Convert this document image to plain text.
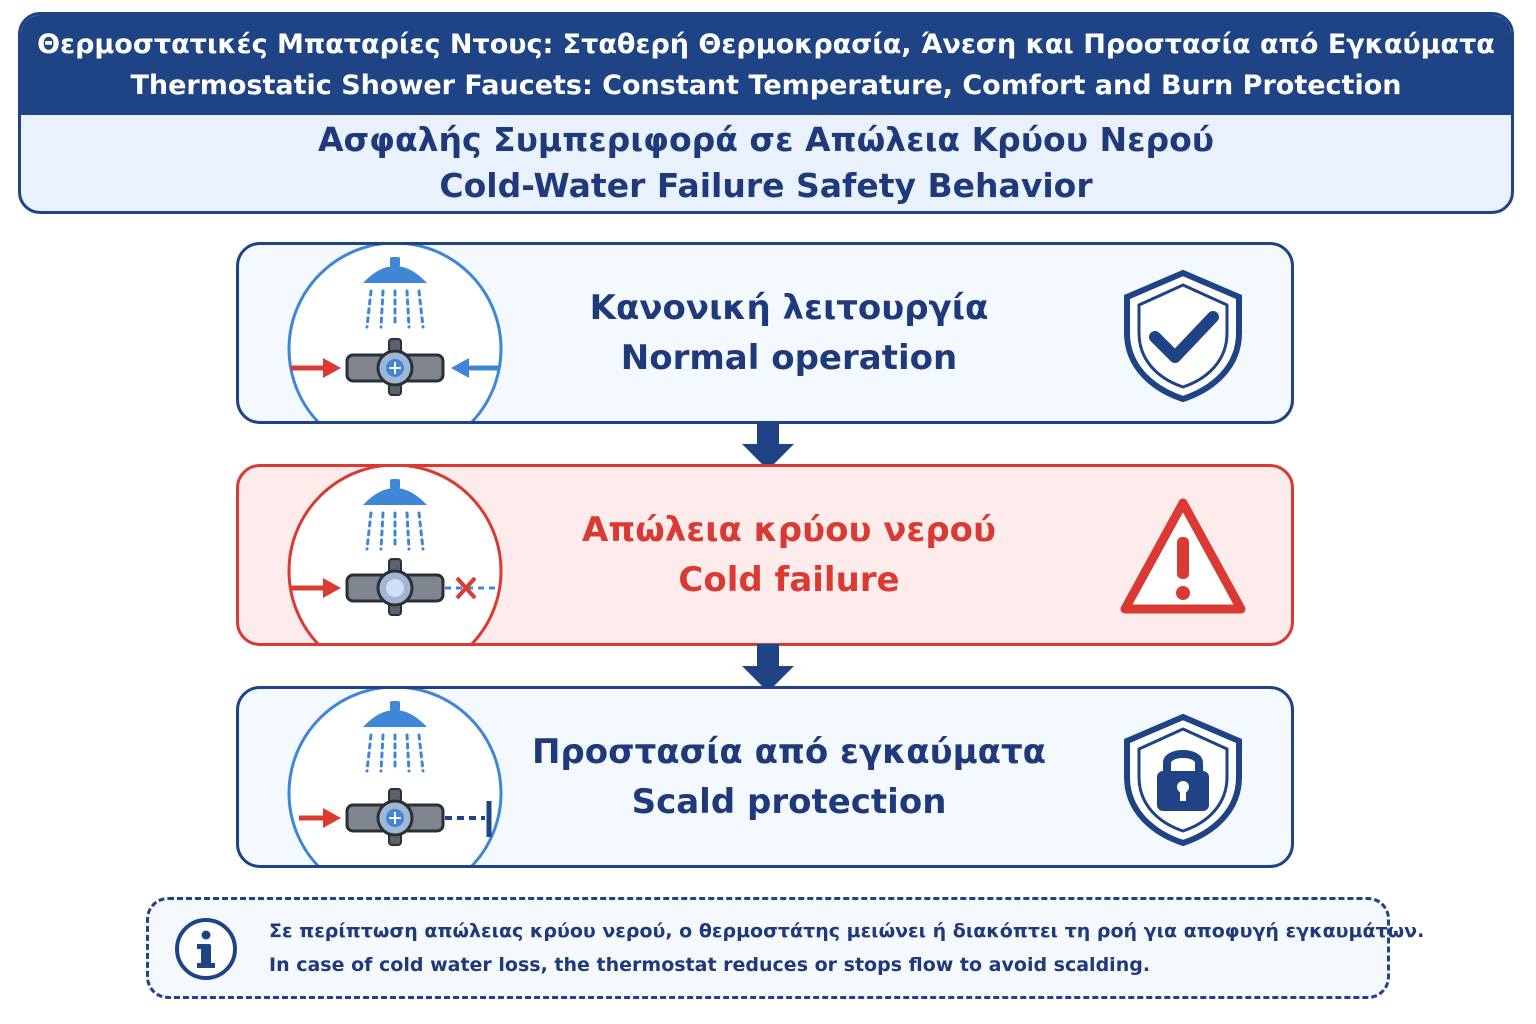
Θερμοστατικές Μπαταρίες Ντους: Σταθερή Θερμοκρασία, Άνεση και Προστασία από Εγκαύματα
Thermostatic Shower Faucets: Constant Temperature, Comfort and Burn Protection
Ασφαλής Συμπεριφορά σε Απώλεια Κρύου Νερού
Cold-Water Failure Safety Behavior
Κανονική λειτουργία
Normal operation
Απώλεια κρύου νερού
Cold failure
Προστασία από εγκαύματα
Scald protection
Σε περίπτωση απώλειας κρύου νερού, ο θερμοστάτης μειώνει ή διακόπτει τη ροή για αποφυγή εγκαυμάτων.
In case of cold water loss, the thermostat reduces or stops flow to avoid scalding.
